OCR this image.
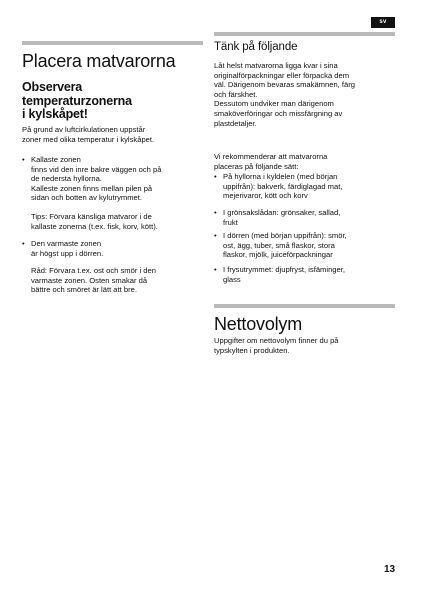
sv
Placera matvarorna
Observera
temperaturzonerna
i kylskåpet!

På grund av luftcirkulationen uppstår
zoner med olika temperatur i kylskåpet.

• Kallaste zonen
finns vid den inre bakre väggen och på
de nedersta hyllorna.
Kalleste zonen finns mellan pilen på
sidan och botten av kylutrymmet.

Tips: Förvara känsliga matvaror i de
kallaste zonerna (t.ex. fisk, korv, kött).

• Den varmaste zonen
är högst upp i dörren.

Råd: Förvara t.ex. ost och smör i den
varmaste zonen. Osten smakar då
bättre och smöret är lätt att bre.

Tänk på följande

Låt helst matvarorna ligga kvar i sina
originalförpackningar eller förpacka dem
väl. Därigenom bevaras smakämnen, färg
och färskhet.
Dessutom undviker man därigenom
smaköverföringar och missfärgning av
plastdetaljer.

Vi rekommenderar att matvarorna
placeras på följande sätt:

• På hyllorna i kyldelen (med början
uppifrån): bakverk, färdiglagad mat,
mejerivaror, kött och korv

• I grönsakslådan: grönsaker, sallad,
frukt

• I dörren (med början uppifrån): smör,
ost, ägg, tuber, små flaskor, stora
flaskor, mjölk, juiceförpackningar

• I frysutrymmet: djupfryst, isfäminger,
glass

Nettovolym

Uppgifter om nettovolym finner du på
typskylten i produkten.

13
